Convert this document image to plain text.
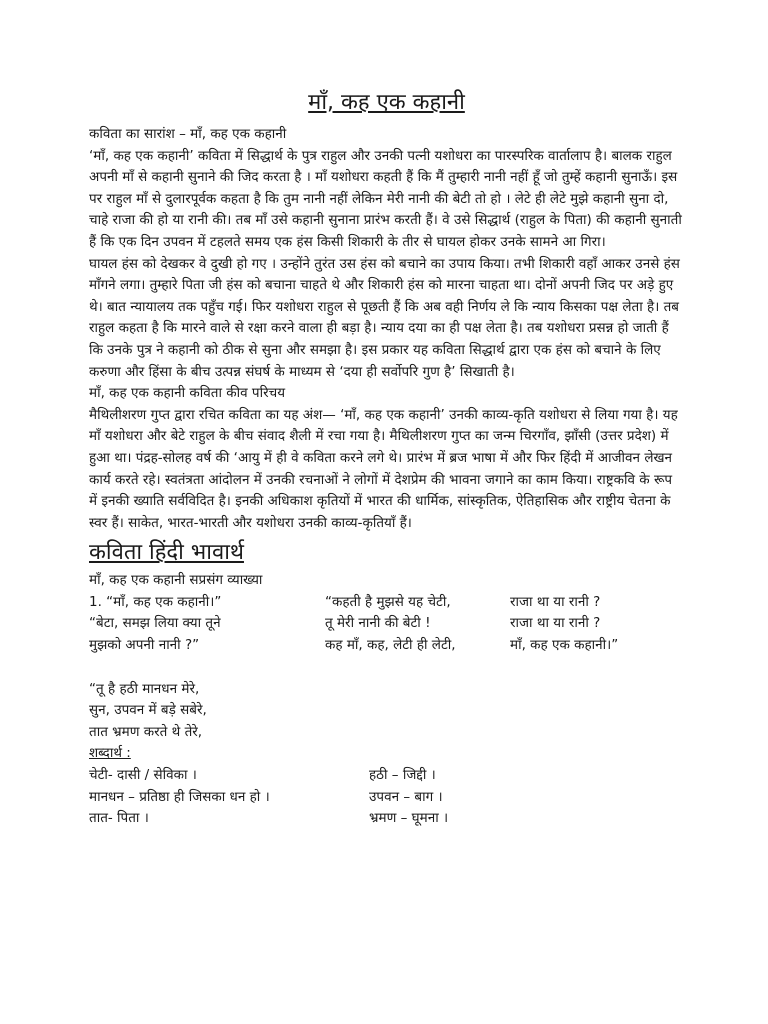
माँ, कह एक कहानी

कविता का सारांश – माँ, कह एक कहानी

‘माँ, कह एक कहानी’ कविता में सिद्धार्थ के पुत्र राहुल और उनकी पत्नी यशोधरा का पारस्परिक वार्तालाप है। बालक राहुल अपनी माँ से कहानी सुनाने की जिद करता है । माँ यशोधरा कहती हैं कि मैं तुम्हारी नानी नहीं हूँ जो तुम्हें कहानी सुनाऊँ। इस पर राहुल माँ से दुलारपूर्वक कहता है कि तुम नानी नहीं लेकिन मेरी नानी की बेटी तो हो । लेटे ही लेटे मुझे कहानी सुना दो, चाहे राजा की हो या रानी की। तब माँ उसे कहानी सुनाना प्रारंभ करती हैं। वे उसे सिद्धार्थ (राहुल के पिता) की कहानी सुनाती हैं कि एक दिन उपवन में टहलते समय एक हंस किसी शिकारी के तीर से घायल होकर उनके सामने आ गिरा।

घायल हंस को देखकर वे दुखी हो गए । उन्होंने तुरंत उस हंस को बचाने का उपाय किया। तभी शिकारी वहाँ आकर उनसे हंस माँगने लगा। तुम्हारे पिता जी हंस को बचाना चाहते थे और शिकारी हंस को मारना चाहता था। दोनों अपनी जिद पर अड़े हुए थे। बात न्यायालय तक पहुँच गई। फिर यशोधरा राहुल से पूछती हैं कि अब वही निर्णय ले कि न्याय किसका पक्ष लेता है। तब राहुल कहता है कि मारने वाले से रक्षा करने वाला ही बड़ा है। न्याय दया का ही पक्ष लेता है। तब यशोधरा प्रसन्न हो जाती हैं कि उनके पुत्र ने कहानी को ठीक से सुना और समझा है। इस प्रकार यह कविता सिद्धार्थ द्वारा एक हंस को बचाने के लिए करुणा और हिंसा के बीच उत्पन्न संघर्ष के माध्यम से ‘दया ही सर्वोपरि गुण है’ सिखाती है।

माँ, कह एक कहानी कविता कीव परिचय

मैथिलीशरण गुप्त द्वारा रचित कविता का यह अंश— ‘माँ, कह एक कहानी’ उनकी काव्य-कृति यशोधरा से लिया गया है। यह माँ यशोधरा और बेटे राहुल के बीच संवाद शैली में रचा गया है। मैथिलीशरण गुप्त का जन्म चिरगाँव, झाँसी (उत्तर प्रदेश) में हुआ था। पंद्रह-सोलह वर्ष की ‘आयु में ही वे कविता करने लगे थे। प्रारंभ में ब्रज भाषा में और फिर हिंदी में आजीवन लेखन कार्य करते रहे। स्वतंत्रता आंदोलन में उनकी रचनाओं ने लोगों में देशप्रेम की भावना जगाने का काम किया। राष्ट्रकवि के रूप में इनकी ख्याति सर्वविदित है। इनकी अधिकाश कृतियों में भारत की धार्मिक, सांस्कृतिक, ऐतिहासिक और राष्ट्रीय चेतना के स्वर हैं। साकेत, भारत-भारती और यशोधरा उनकी काव्य-कृतियाँ हैं।

कविता हिंदी भावार्थ

माँ, कह एक कहानी सप्रसंग व्याख्या

1. “माँ, कह एक कहानी।”	“कहती है मुझसे यह चेटी,	राजा था या रानी ?
“बेटा, समझ लिया क्या तूने	तू मेरी नानी की बेटी !	राजा था या रानी ?
मुझको अपनी नानी ?”	कह माँ, कह, लेटी ही लेटी,	माँ, कह एक कहानी।”
“तू है हठी मानधन मेरे,
सुन, उपवन में बड़े सबेरे,
तात भ्रमण करते थे तेरे,
शब्दार्थ :
चेटी- दासी / सेविका ।	हठी – जिद्दी ।
मानधन – प्रतिष्ठा ही जिसका धन हो ।	उपवन – बाग ।
तात- पिता ।	भ्रमण – घूमना ।
